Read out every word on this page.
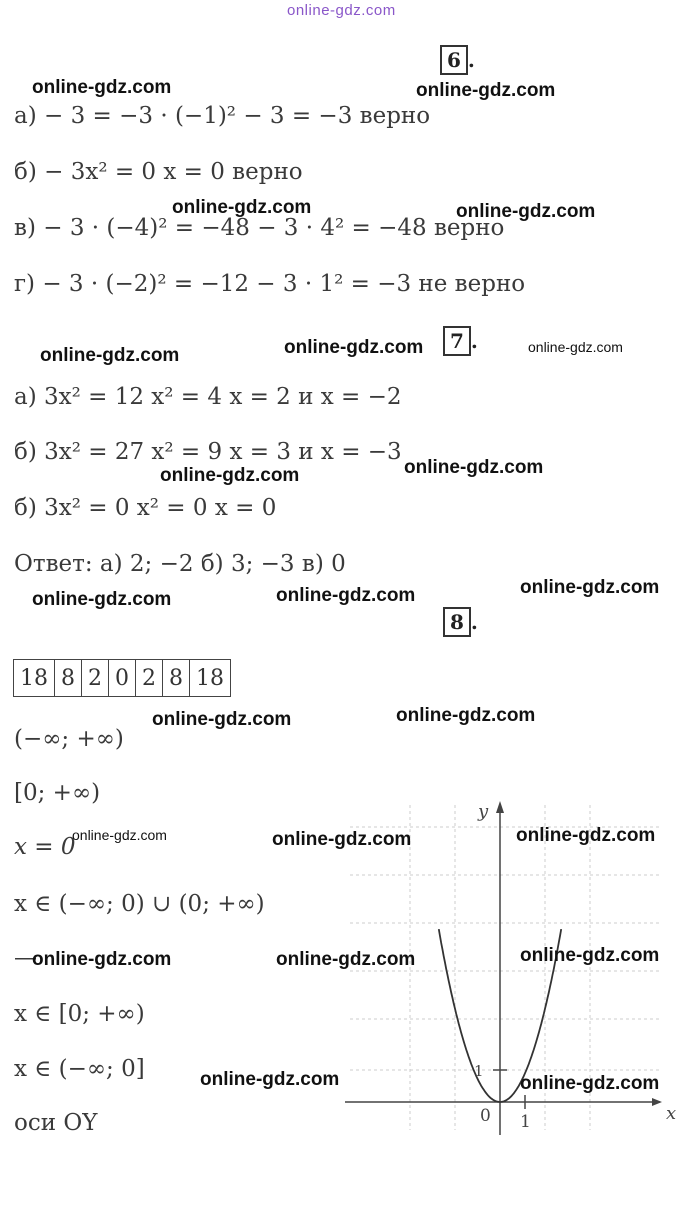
online-gdz.com
6 .
а) − 3 = −3 · (−1)² − 3 = −3 верно
б) − 3x² = 0 x = 0 верно
в) − 3 · (−4)² = −48 − 3 · 4² = −48 верно
г) − 3 · (−2)² = −12 − 3 · 1² = −3 не верно
7 .
а) 3x² = 12 x² = 4 x = 2 и x = −2
б) 3x² = 27 x² = 9 x = 3 и x = −3
б) 3x² = 0 x² = 0 x = 0
Ответ: а) 2; −2 б) 3; −3 в) 0
8 .
18	8	2	0	2	8	18
(−∞; +∞)
[0; +∞)
x = 0
x ∈ (−∞; 0) ∪ (0; +∞)
—
x ∈ [0; +∞)
x ∈ (−∞; 0]
оси OY	x
y
0 1
1
online-gdz.com	online-gdz.com
online-gdz.com	online-gdz.com
online-gdz.com	online-gdz.com	online-gdz.com
online-gdz.com	online-gdz.com
online-gdz.com	online-gdz.com	online-gdz.com
online-gdz.com	online-gdz.com
online-gdz.com	online-gdz.com	online-gdz.com
online-gdz.com	online-gdz.com	online-gdz.com
online-gdz.com	online-gdz.com
